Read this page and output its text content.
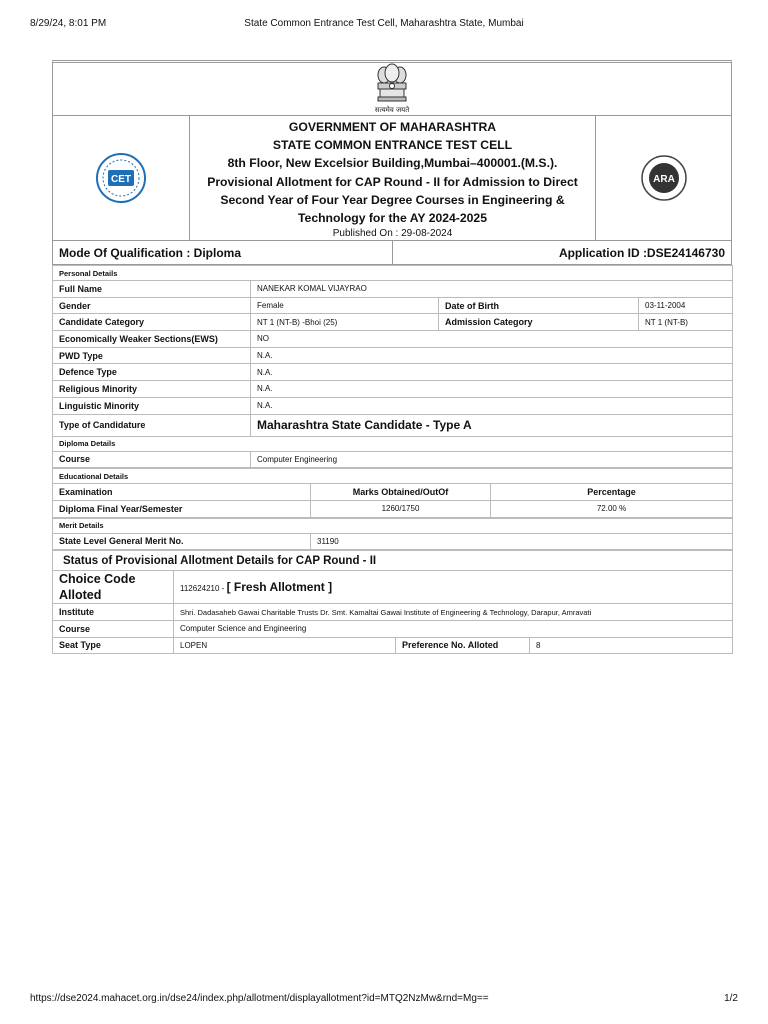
8/29/24, 8:01 PM	State Common Entrance Test Cell, Maharashtra State, Mumbai
सत्यमेव जयते
CET
GOVERNMENT OF MAHARASHTRA
STATE COMMON ENTRANCE TEST CELL
8th Floor, New Excelsior Building,Mumbai–400001.(M.S.).
Provisional Allotment for CAP Round - II for Admission to Direct
Second Year of Four Year Degree Courses in Engineering &
Technology for the AY 2024-2025
Published On : 29-08-2024
ARA
Mode Of Qualification : Diploma	Application ID :DSE24146730
Personal Details			
Full Name	NANEKAR KOMAL VIJAYRAO		
Gender	Female	Date of Birth	03-11-2004
Candidate Category	NT 1 (NT-B) -Bhoi (25)	Admission Category	NT 1 (NT-B)
Economically Weaker Sections(EWS)	NO		
PWD Type	N.A.		
Defence Type	N.A.		
Religious Minority	N.A.		
Linguistic Minority	N.A.		
Type of Candidature	Maharashtra State Candidate - Type A		
Diploma Details			
Course	Computer Engineering		
Educational Details		
Examination	Marks Obtained/OutOf	Percentage
Diploma Final Year/Semester	1260/1750	72.00 %
Merit Details
State Level General Merit No.	31190
Status of Provisional Allotment Details for CAP Round - II			
Choice Code Alloted	112624210 - [ Fresh Allotment ]		
Institute	Shri. Dadasaheb Gawai Charitable Trusts Dr. Smt. Kamaltai Gawai Institute of Engineering & Technology, Darapur, Amravati		
Course	Computer Science and Engineering		
Seat Type	LOPEN	Preference No. Alloted	8
https://dse2024.mahacet.org.in/dse24/index.php/allotment/displayallotment?id=MTQ2NzMw&rnd=Mg==	1/2
